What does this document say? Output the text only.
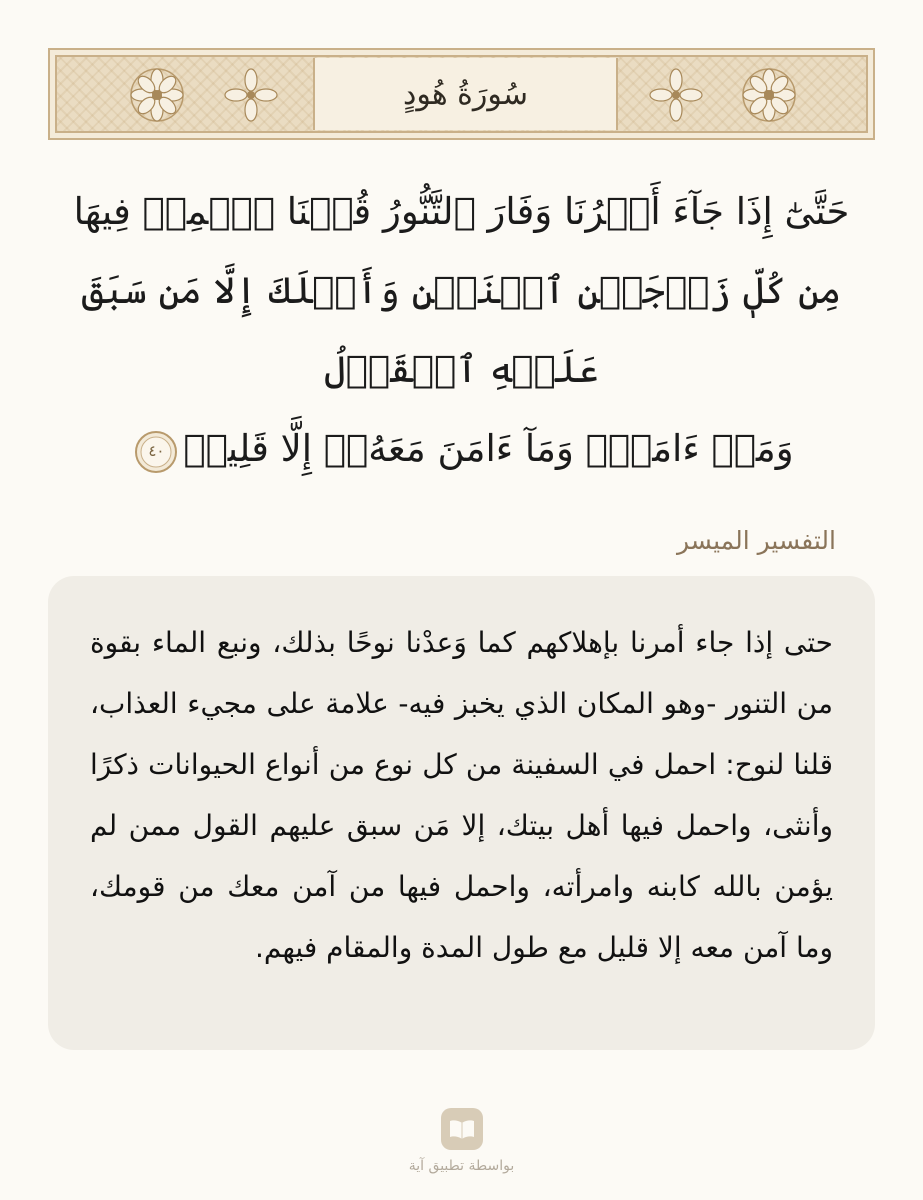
سُورَةُ هُودٍ
حَتَّىٰٓ إِذَا جَآءَ أَمۡرُنَا وَفَارَ ٱلتَّنُّورُ قُلۡنَا ٱحۡمِلۡ فِيهَا
مِن كُلّٖ زَوۡجَيۡنِ ٱثۡنَيۡنِ وَأَهۡلَكَ إِلَّا مَن سَبَقَ عَلَيۡهِ ٱلۡقَوۡلُ
وَمَنۡ ءَامَنَۚ وَمَآ ءَامَنَ مَعَهُۥٓ إِلَّا قَلِيلٞ
٤٠
التفسير الميسر
حتى إذا جاء أمرنا بإهلاكهم كما وَعدْنا نوحًا بذلك، ونبع الماء بقوة من التنور -وهو المكان الذي يخبز فيه- علامة على مجيء العذاب، قلنا لنوح: احمل في السفينة من كل نوع من أنواع الحيوانات ذكرًا وأنثى، واحمل فيها أهل بيتك، إلا مَن سبق عليهم القول ممن لم يؤمن بالله كابنه وامرأته، واحمل فيها من آمن معك من قومك، وما آمن معه إلا قليل مع طول المدة والمقام فيهم.
بواسطة تطبيق آية
